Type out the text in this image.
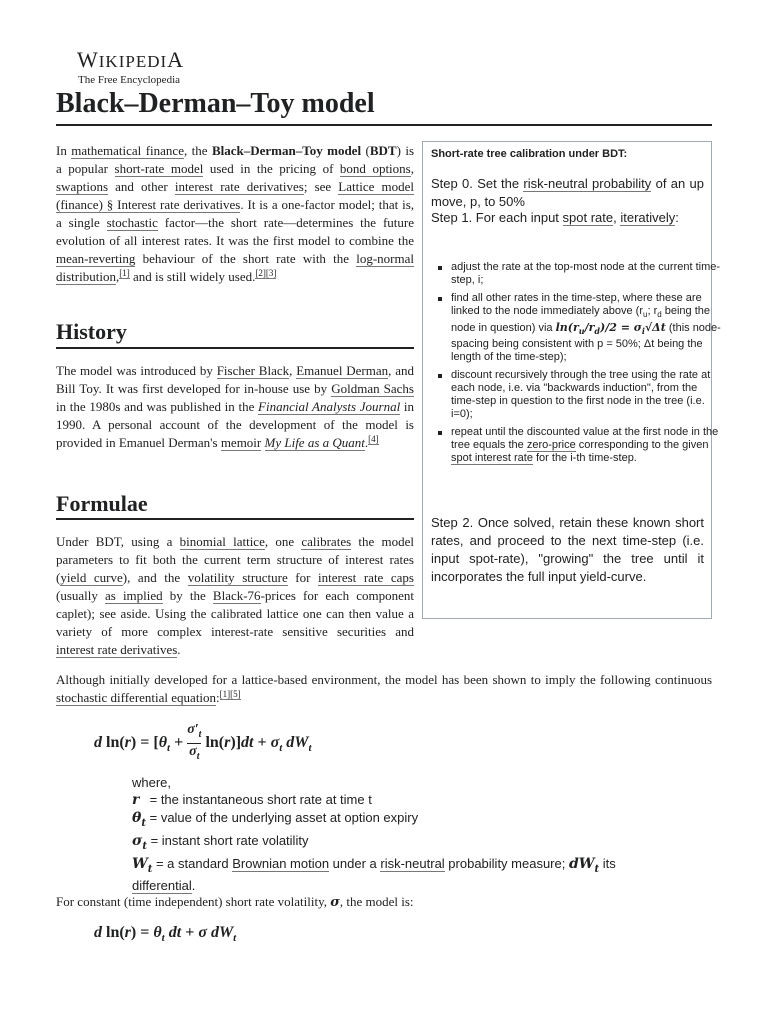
WIKIPEDIA
The Free Encyclopedia
Black–Derman–Toy model

In mathematical finance, the Black–Derman–Toy model (BDT) is a popular short-rate model used in the pricing of bond options, swaptions and other interest rate derivatives; see Lattice model (finance) § Interest rate derivatives. It is a one-factor model; that is, a single stochastic factor—the short rate—determines the future evolution of all interest rates. It was the first model to combine the mean-reverting behaviour of the short rate with the log-normal distribution,[1] and is still widely used.[2][3]

History

The model was introduced by Fischer Black, Emanuel Derman, and Bill Toy. It was first developed for in-house use by Goldman Sachs in the 1980s and was published in the Financial Analysts Journal in 1990. A personal account of the development of the model is provided in Emanuel Derman's memoir My Life as a Quant.[4]

Formulae

Under BDT, using a binomial lattice, one calibrates the model parameters to fit both the current term structure of interest rates (yield curve), and the volatility structure for interest rate caps (usually as implied by the Black-76-prices for each component caplet); see aside. Using the calibrated lattice one can then value a variety of more complex interest-rate sensitive securities and interest rate derivatives.

Although initially developed for a lattice-based environment, the model has been shown to imply the following continuous stochastic differential equation:[1][5]

d $\ln(r) = [\theta_t + \frac{\sigma'_t}{\sigma_t} \ln(r)]dt + \sigma_t$ $dW_t$
where,
r = the instantaneous short rate at time t
$\theta_t$ = value of the underlying asset at option expiry
$\sigma_t = instant$ short rate volatility
$W_t = a$ standard Brownian motion under a risk-neutral probability measure; $dW_t$ its
differential.

For constant (time independent) short rate volatility, σ, the model is:

d $\ln(r) = \theta_t$ dt + σ $dW_t$
Short-rate tree calibration under BDT:

Step 0. Set the risk-neutral probability of an up move, p, to 50%

Step 1. For each input spot rate, iteratively:

adjust the rate at the top-most node at the current time-step, i;
find all other rates in the time-step, where these are linked to the node immediately above ($r_u$; $r_d$ being the node in question) via $\ln(r_u/r_d)/2 = \sigma_i√\Delta t$ (this node-spacing being consistent with p = 50%; Δt being the length of the time-step);
discount recursively through the tree using the rate at each node, i.e. via "backwards induction", from the time-step in question to the first node in the tree (i.e. i=0);
repeat until the discounted value at the first node in the tree equals the zero-price corresponding to the given spot interest rate for the i-th time-step.

Step 2. Once solved, retain these known short rates, and proceed to the next time-step (i.e. input spot-rate), "growing" the tree until it incorporates the full input yield-curve.
